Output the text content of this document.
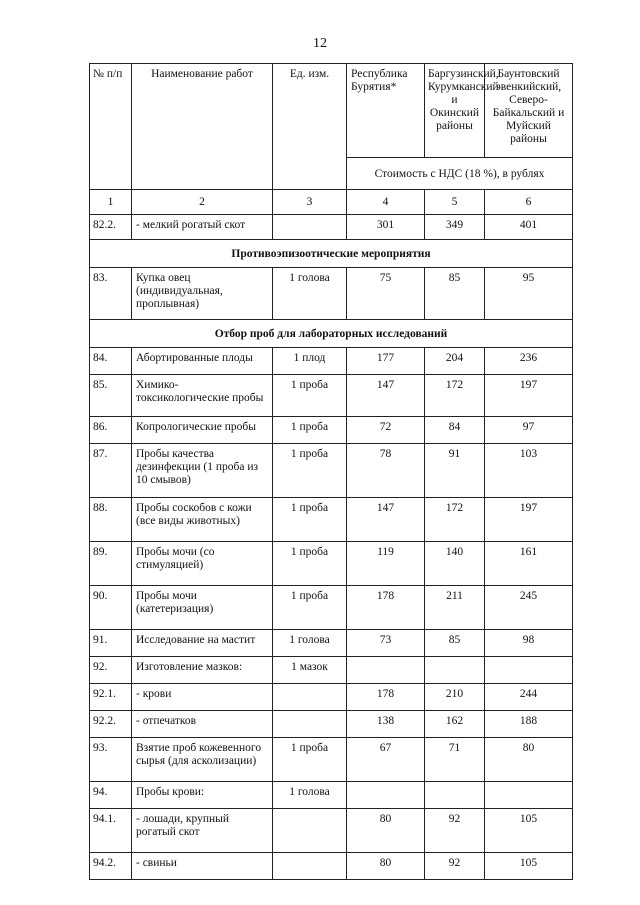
12
№ п/п	Наименование работ	Ед. изм.	Республика Бурятия*	Баргузинский, Курумканский и Окинский районы	Баунтовский эвенкийский, Северо-Байкальский и Муйский районы
			Стоимость с НДС (18 %), в рублях		
1	2	3	4	5	6
82.2.	- мелкий рогатый скот		301	349	401
Противоэпизоотические мероприятия					
83.	Купка овец (индивидуальная, проплывная)	1 голова	75	85	95
Отбор проб для лабораторных исследований					
84.	Абортированные плоды	1 плод	177	204	236
85.	Химико-токсикологические пробы	1 проба	147	172	197
86.	Копрологические пробы	1 проба	72	84	97
87.	Пробы качества дезинфекции (1 проба из 10 смывов)	1 проба	78	91	103
88.	Пробы соскобов с кожи (все виды животных)	1 проба	147	172	197
89.	Пробы мочи (со стимуляцией)	1 проба	119	140	161
90.	Пробы мочи (катетеризация)	1 проба	178	211	245
91.	Исследование на мастит	1 голова	73	85	98
92.	Изготовление мазков:	1 мазок			
92.1.	- крови		178	210	244
92.2.	- отпечатков		138	162	188
93.	Взятие проб кожевенного сырья (для асколизации)	1 проба	67	71	80
94.	Пробы крови:	1 голова			
94.1.	- лошади, крупный рогатый скот		80	92	105
94.2.	- свиньи		80	92	105
